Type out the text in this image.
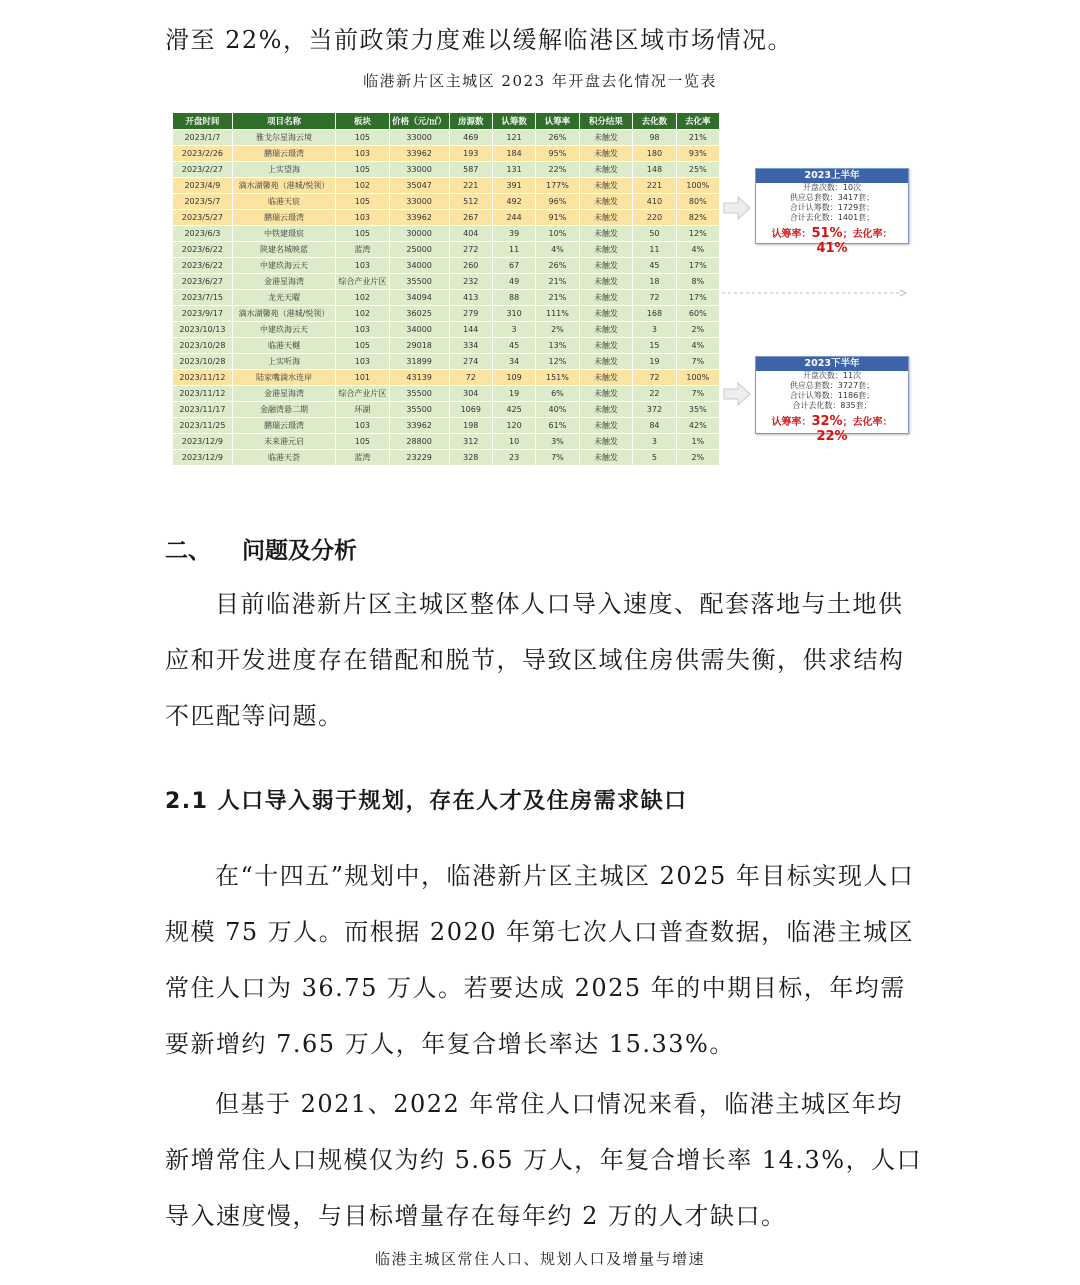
滑至 22%，当前政策力度难以缓解临港区域市场情况。
临港新片区主城区 2023 年开盘去化情况一览表
开盘时间	项目名称	板块	价格（元/㎡）	房源数	认筹数	认筹率	积分结果	去化数	去化率
2023/1/7	雅戈尔星海云境	105	33000	469	121	26%	未触发	98	21%
2023/2/26	鹏瑞云璟湾	103	33962	193	184	95%	未触发	180	93%
2023/2/27	上实望海	105	33000	587	131	22%	未触发	148	25%
2023/4/9	滴水湖馨苑（港城/悦领）	102	35047	221	391	177%	未触发	221	100%
2023/5/7	临港天宸	105	33000	512	492	96%	未触发	410	80%
2023/5/27	鹏瑞云璟湾	103	33962	267	244	91%	未触发	220	82%
2023/6/3	中铁建璟宸	105	30000	404	39	10%	未触发	50	12%
2023/6/22	陕建名城映蓝	蓝湾	25000	272	11	4%	未触发	11	4%
2023/6/22	中建玖海云天	103	34000	260	67	26%	未触发	45	17%
2023/6/27	金港星海湾	综合产业片区	35500	232	49	21%	未触发	18	8%
2023/7/15	龙光天曜	102	34094	413	88	21%	未触发	72	17%
2023/9/17	滴水湖馨苑（港城/悦领）	102	36025	279	310	111%	未触发	168	60%
2023/10/13	中建玖海云天	103	34000	144	3	2%	未触发	3	2%
2023/10/28	临港天樾	105	29018	334	45	13%	未触发	15	4%
2023/10/28	上实听海	103	31899	274	34	12%	未触发	19	7%
2023/11/12	陆家嘴滴水连岸	101	43139	72	109	151%	未触发	72	100%
2023/11/12	金港星海湾	综合产业片区	35500	304	19	6%	未触发	22	7%
2023/11/17	金融湾悬二期	环湖	35500	1069	425	40%	未触发	372	35%
2023/11/25	鹏瑞云璟湾	103	33962	198	120	61%	未触发	84	42%
2023/12/9	未来港元启	105	28800	312	10	3%	未触发	3	1%
2023/12/9	临港天荟	蓝湾	23229	328	23	7%	未触发	5	2%
2023上半年
开盘次数：10次
供应总套数：3417套；
合计认筹数：1729套；
合计去化数：1401套；
认筹率：51%；去化率：41%
2023下半年
开盘次数：11次
供应总套数：3727套；
合计认筹数：1186套；
合计去化数：835套；
认筹率：32%；去化率：22%
二、	问题及分析
目前临港新片区主城区整体人口导入速度、配套落地与土地供应和开发进度存在错配和脱节，导致区域住房供需失衡，供求结构不匹配等问题。
2.1 人口导入弱于规划，存在人才及住房需求缺口
在“十四五”规划中，临港新片区主城区 2025 年目标实现人口规模 75 万人。而根据 2020 年第七次人口普查数据，临港主城区常住人口为 36.75 万人。若要达成 2025 年的中期目标，年均需要新增约 7.65 万人，年复合增长率达 15.33%。
但基于 2021、2022 年常住人口情况来看，临港主城区年均新增常住人口规模仅为约 5.65 万人，年复合增长率 14.3%，人口导入速度慢，与目标增量存在每年约 2 万的人才缺口。
临港主城区常住人口、规划人口及增量与增速
